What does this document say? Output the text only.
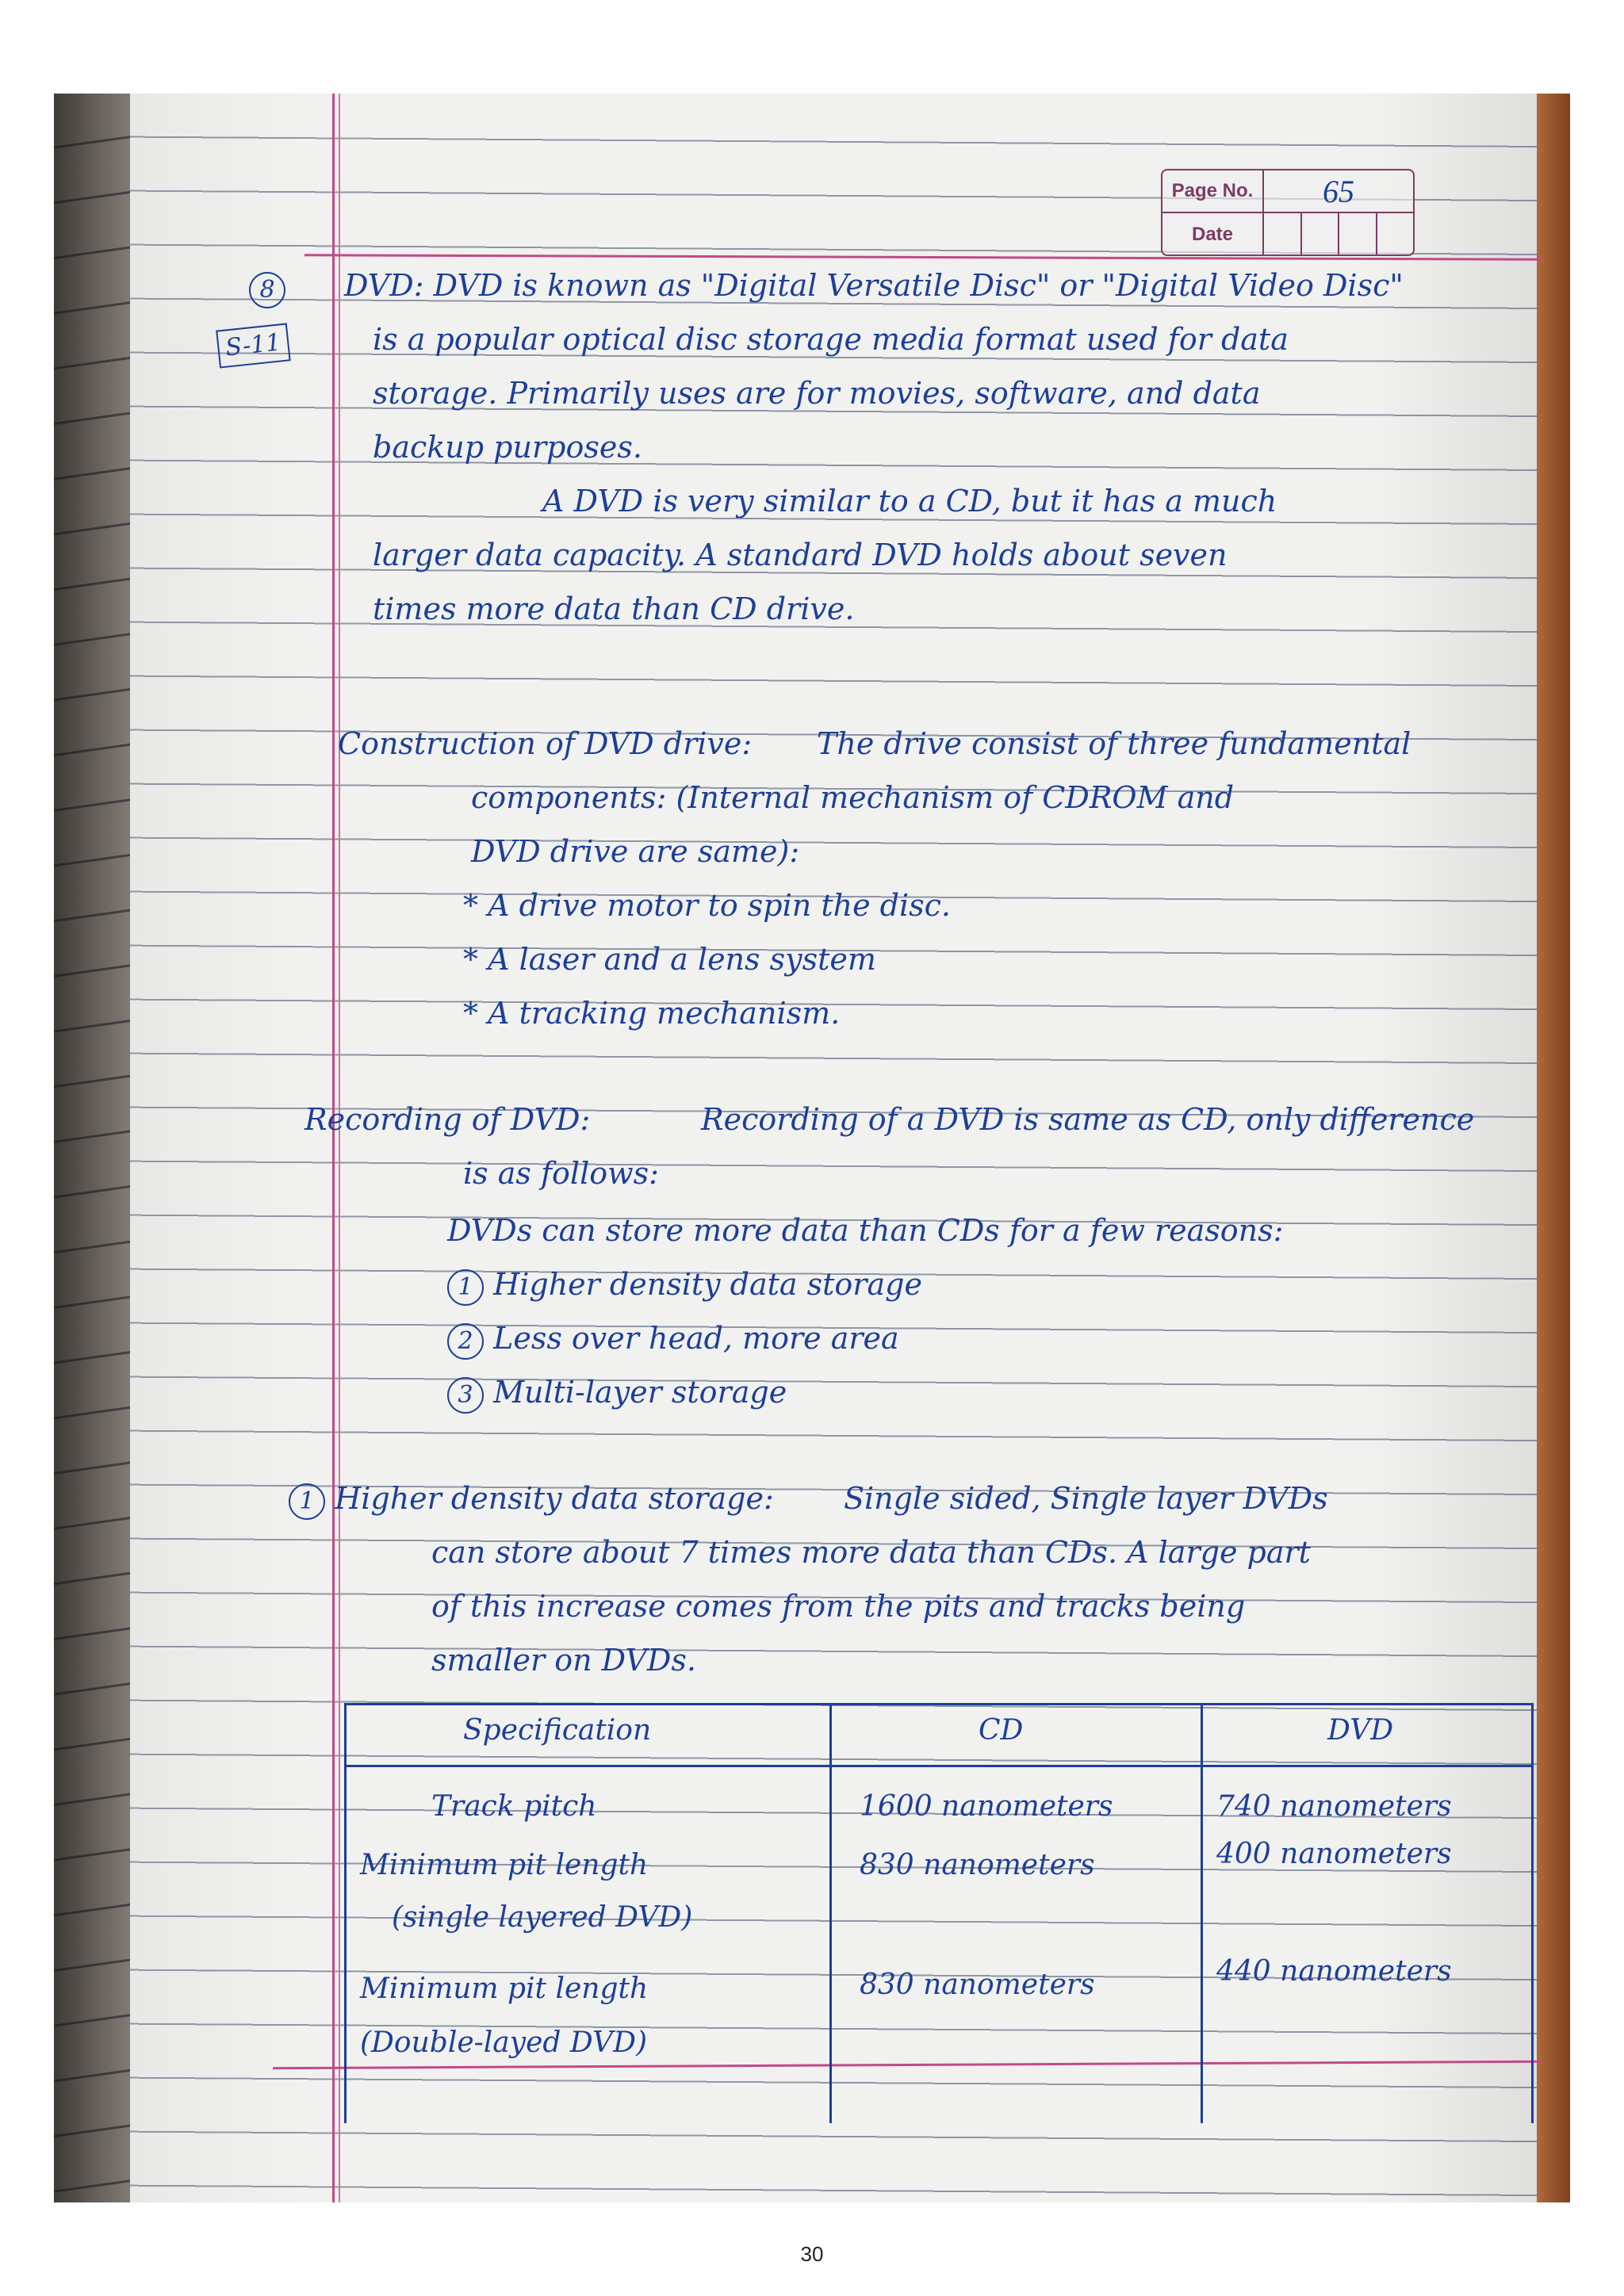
Page No.	65
Date
8
S-11
DVD: DVD is known as "Digital Versatile Disc" or "Digital Video Disc"
is a popular optical disc storage media format used for data
storage. Primarily uses are for movies, software, and data
backup purposes.
A DVD is very similar to a CD, but it has a much
larger data capacity. A standard DVD holds about seven
times more data than CD drive.
Construction of DVD drive: The drive consist of three fundamental
components: (Internal mechanism of CDROM and
DVD drive are same):
* A drive motor to spin the disc.
* A laser and a lens system
* A tracking mechanism.
Recording of DVD:	Recording of a DVD is same as CD, only difference
is as follows:
DVDs can store more data than CDs for a few reasons:
1 Higher density data storage
2 Less over head, more area
3 Multi-layer storage
1 Higher density data storage: Single sided, Single layer DVDs
can store about 7 times more data than CDs. A large part
of this increase comes from the pits and tracks being
smaller on DVDs.
Specification	CD	DVD
Track pitch	1600 nanometers	740 nanometers
Minimum pit length
(single layered DVD)
830 nanometers	400 nanometers
Minimum pit length
(Double-layed DVD)
830 nanometers	440 nanometers
30
